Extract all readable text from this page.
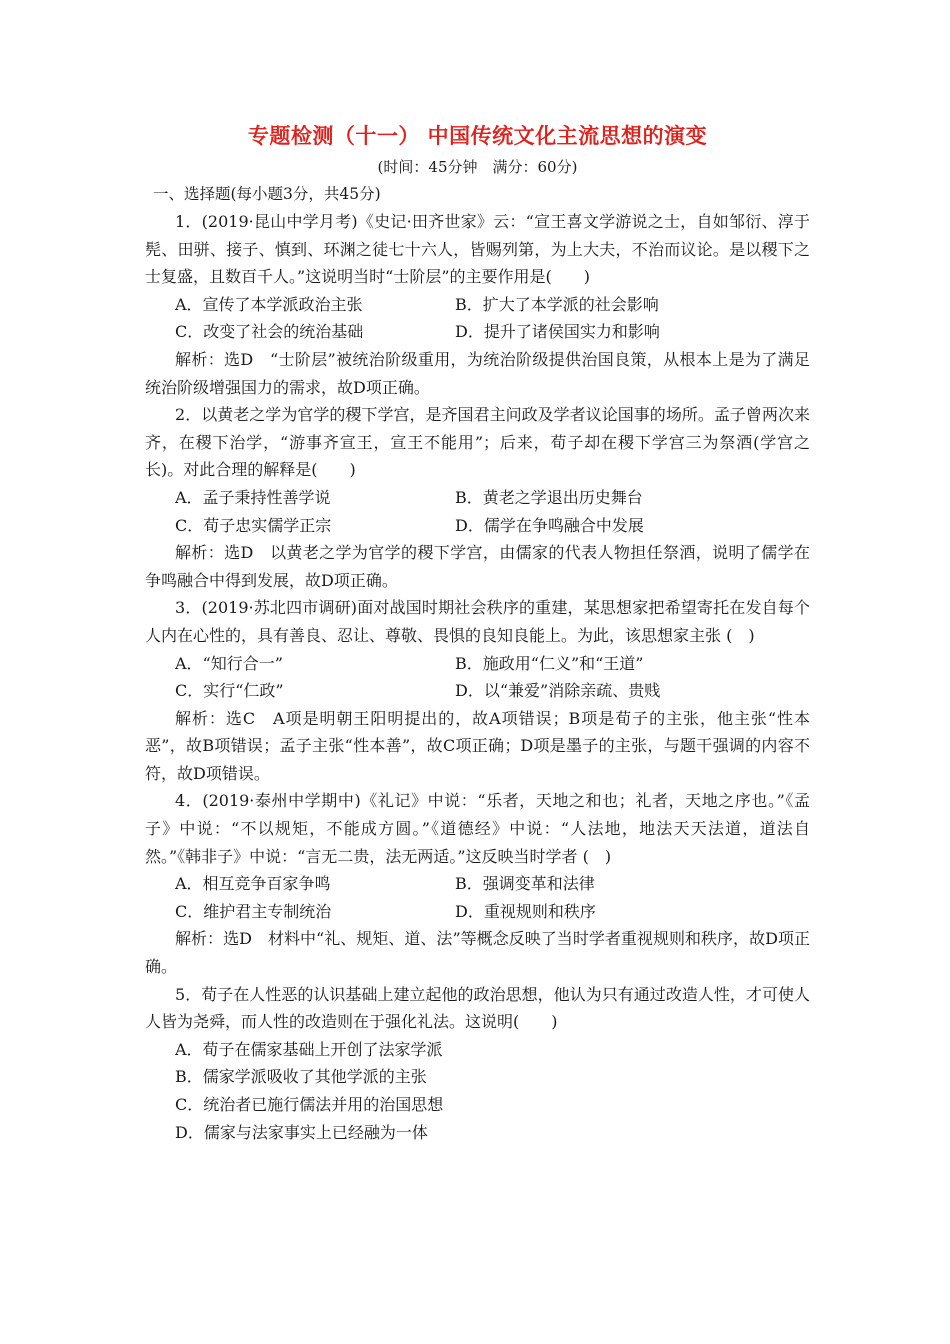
专题检测（十一） 中国传统文化主流思想的演变
(时间：45分钟　满分：60分)
一、选择题(每小题3分，共45分)

1．(2019·昆山中学月考)《史记·田齐世家》云：“宣王喜文学游说之士，自如邹衍、淳于髡、田骈、接子、慎到、环渊之徒七十六人，皆赐列第，为上大夫，不治而议论。是以稷下之士复盛，且数百千人。”这说明当时“士阶层”的主要作用是(　　)

A．宣传了本学派政治主张	B．扩大了本学派的社会影响
C．改变了社会的统治基础	D．提升了诸侯国实力和影响

解析：选D　“士阶层”被统治阶级重用，为统治阶级提供治国良策，从根本上是为了满足统治阶级增强国力的需求，故D项正确。

2．以黄老之学为官学的稷下学宫，是齐国君主问政及学者议论国事的场所。孟子曾两次来齐，在稷下治学，“游事齐宣王，宣王不能用”；后来，荀子却在稷下学宫三为祭酒(学宫之长)。对此合理的解释是(　　)

A．孟子秉持性善学说	B．黄老之学退出历史舞台
C．荀子忠实儒学正宗	D．儒学在争鸣融合中发展

解析：选D　以黄老之学为官学的稷下学宫，由儒家的代表人物担任祭酒，说明了儒学在争鸣融合中得到发展，故D项正确。

3．(2019·苏北四市调研)面对战国时期社会秩序的重建，某思想家把希望寄托在发自每个人内在心性的，具有善良、忍让、尊敬、畏惧的良知良能上。为此，该思想家主张 (　)

A．“知行合一”	B．施政用“仁义”和“王道”
C．实行“仁政”	D．以“兼爱”消除亲疏、贵贱

解析：选C　A项是明朝王阳明提出的，故A项错误；B项是荀子的主张，他主张“性本恶”，故B项错误；孟子主张“性本善”，故C项正确；D项是墨子的主张，与题干强调的内容不符，故D项错误。

4．(2019·泰州中学期中)《礼记》中说：“乐者，天地之和也；礼者，天地之序也。”《孟子》中说：“不以规矩，不能成方圆。”《道德经》中说：“人法地，地法天天法道，道法自然。”《韩非子》中说：“言无二贵，法无两适。”这反映当时学者 (　)

A．相互竞争百家争鸣	B．强调变革和法律
C．维护君主专制统治	D．重视规则和秩序

解析：选D　材料中“礼、规矩、道、法”等概念反映了当时学者重视规则和秩序，故D项正确。

5．荀子在人性恶的认识基础上建立起他的政治思想，他认为只有通过改造人性，才可使人人皆为尧舜，而人性的改造则在于强化礼法。这说明(　　)

A．荀子在儒家基础上开创了法家学派
B．儒家学派吸收了其他学派的主张
C．统治者已施行儒法并用的治国思想
D．儒家与法家事实上已经融为一体
